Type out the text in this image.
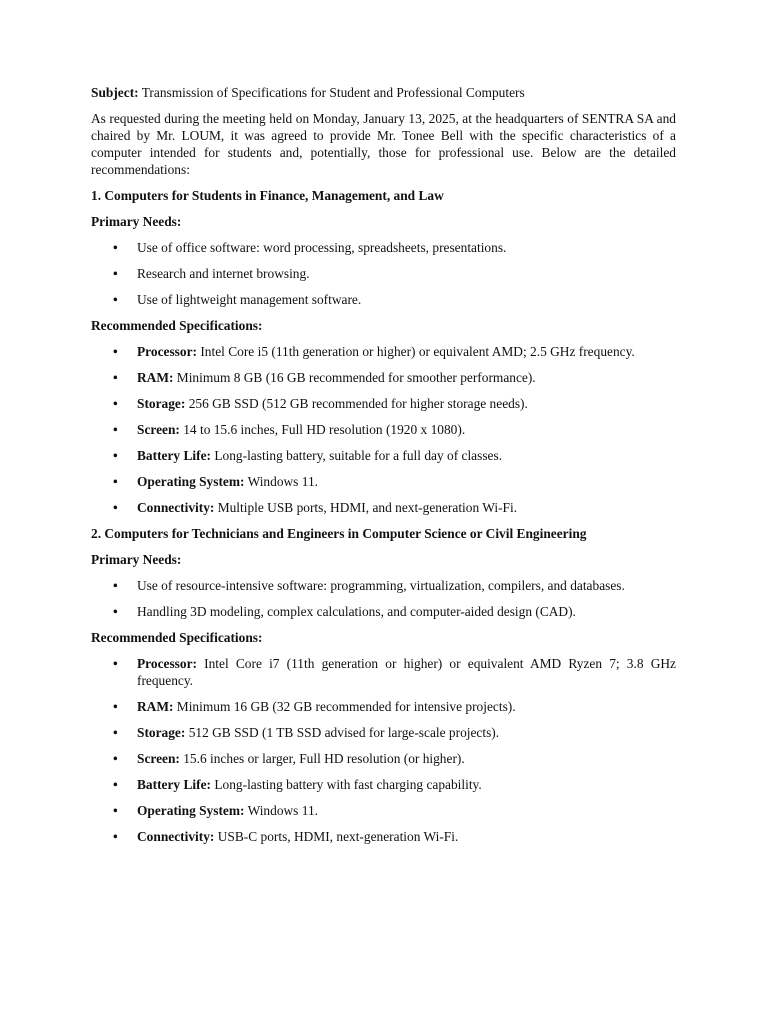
Subject: Transmission of Specifications for Student and Professional Computers

As requested during the meeting held on Monday, January 13, 2025, at the headquarters of SENTRA SA and chaired by Mr. LOUM, it was agreed to provide Mr. Tonee Bell with the specific characteristics of a computer intended for students and, potentially, those for professional use. Below are the detailed recommendations:

1. Computers for Students in Finance, Management, and Law

Primary Needs:

• Use of office software: word processing, spreadsheets, presentations.
• Research and internet browsing.
• Use of lightweight management software.

Recommended Specifications:

• Processor: Intel Core i5 (11th generation or higher) or equivalent AMD; 2.5 GHz frequency.
• RAM: Minimum 8 GB (16 GB recommended for smoother performance).
• Storage: 256 GB SSD (512 GB recommended for higher storage needs).
• Screen: 14 to 15.6 inches, Full HD resolution (1920 x 1080).
• Battery Life: Long-lasting battery, suitable for a full day of classes.
• Operating System: Windows 11.
• Connectivity: Multiple USB ports, HDMI, and next-generation Wi-Fi.

2. Computers for Technicians and Engineers in Computer Science or Civil Engineering

Primary Needs:

• Use of resource-intensive software: programming, virtualization, compilers, and databases.
• Handling 3D modeling, complex calculations, and computer-aided design (CAD).

Recommended Specifications:

• Processor: Intel Core i7 (11th generation or higher) or equivalent AMD Ryzen 7; 3.8 GHz frequency.
• RAM: Minimum 16 GB (32 GB recommended for intensive projects).
• Storage: 512 GB SSD (1 TB SSD advised for large-scale projects).
• Screen: 15.6 inches or larger, Full HD resolution (or higher).
• Battery Life: Long-lasting battery with fast charging capability.
• Operating System: Windows 11.
• Connectivity: USB-C ports, HDMI, next-generation Wi-Fi.
